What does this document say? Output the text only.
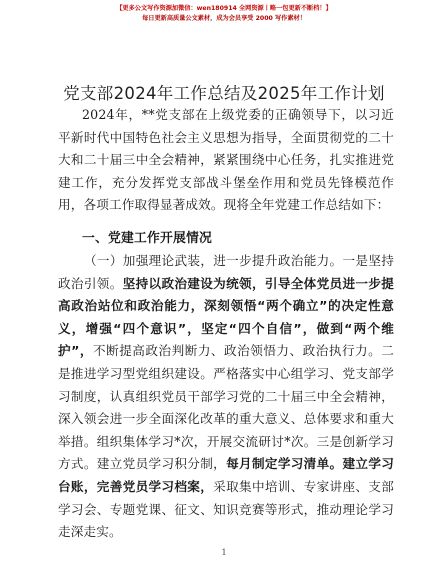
【更多公文写作资源加微信：wen180914 全网资源丨略一包更新不断档！】
每日更新高质量公文素材，成为会员享受 2000 写作素材！
党支部2024年工作总结及2025年工作计划

2024年，**党支部在上级党委的正确领导下，以习近平新时代中国特色社会主义思想为指导，全面贯彻党的二十大和二十届三中全会精神，紧紧围绕中心任务，扎实推进党建工作，充分发挥党支部战斗堡垒作用和党员先锋模范作用，各项工作取得显著成效。现将全年党建工作总结如下：

一、党建工作开展情况

（一）加强理论武装，进一步提升政治能力。一是坚持政治引领。坚持以政治建设为统领，引导全体党员进一步提高政治站位和政治能力，深刻领悟“两个确立”的决定性意义，增强“四个意识”，坚定“四个自信”，做到“两个维护”，不断提高政治判断力、政治领悟力、政治执行力。二是推进学习型党组织建设。严格落实中心组学习、党支部学习制度，认真组织党员干部学习党的二十届三中全会精神，深入领会进一步全面深化改革的重大意义、总体要求和重大举措。组织集体学习*次，开展交流研讨*次。三是创新学习方式。建立党员学习积分制，每月制定学习清单。建立学习台账，完善党员学习档案，采取集中培训、专家讲座、支部学习会、专题党课、征文、知识竞赛等形式，推动理论学习走深走实。

1
